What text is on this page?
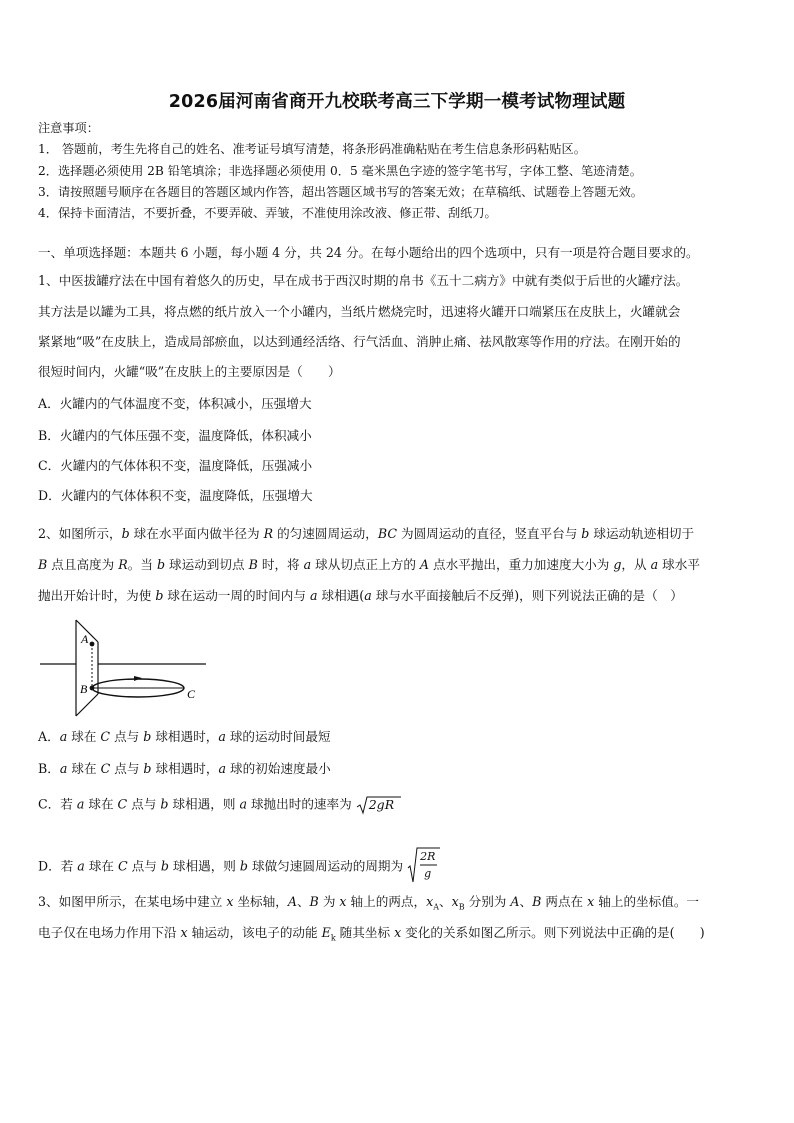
2026届河南省商开九校联考高三下学期一模考试物理试题
注意事项：
1． 答题前，考生先将自己的姓名、准考证号填写清楚，将条形码准确粘贴在考生信息条形码粘贴区。
2．选择题必须使用 2B 铅笔填涂；非选择题必须使用 0．5 毫米黑色字迹的签字笔书写，字体工整、笔迹清楚。
3．请按照题号顺序在各题目的答题区域内作答，超出答题区域书写的答案无效；在草稿纸、试题卷上答题无效。
4．保持卡面清洁，不要折叠，不要弄破、弄皱，不准使用涂改液、修正带、刮纸刀。
一、单项选择题：本题共 6 小题，每小题 4 分，共 24 分。在每小题给出的四个选项中，只有一项是符合题目要求的。
1、中医拔罐疗法在中国有着悠久的历史，早在成书于西汉时期的帛书《五十二病方》中就有类似于后世的火罐疗法。
其方法是以罐为工具，将点燃的纸片放入一个小罐内，当纸片燃烧完时，迅速将火罐开口端紧压在皮肤上，火罐就会
紧紧地“吸”在皮肤上，造成局部瘀血，以达到通经活络、行气活血、消肿止痛、祛风散寒等作用的疗法。在刚开始的
很短时间内，火罐“吸”在皮肤上的主要原因是（　　）
A．火罐内的气体温度不变，体积减小，压强增大
B．火罐内的气体压强不变，温度降低，体积减小
C．火罐内的气体体积不变，温度降低，压强减小
D．火罐内的气体体积不变，温度降低，压强增大
2、如图所示，b 球在水平面内做半径为 R 的匀速圆周运动，BC 为圆周运动的直径，竖直平台与 b 球运动轨迹相切于
B 点且高度为 R。当 b 球运动到切点 B 时，将 a 球从切点正上方的 A 点水平抛出，重力加速度大小为 g，从 a 球水平
抛出开始计时，为使 b 球在运动一周的时间内与 a 球相遇(a 球与水平面接触后不反弹)，则下列说法正确的是（　）
A
B	C
A．a 球在 C 点与 b 球相遇时，a 球的运动时间最短
B．a 球在 C 点与 b 球相遇时，a 球的初始速度最小
C．若 a 球在 C 点与 b 球相遇，则 a 球抛出时的速率为 2gR
D．若 a 球在 C 点与 b 球相遇，则 b 球做匀速圆周运动的周期为
2R
g
3、如图甲所示，在某电场中建立 x 坐标轴，A、B 为 x 轴上的两点，$x_A$、$x_B$ 分别为 A、B 两点在 x 轴上的坐标值。一
电子仅在电场力作用下沿 x 轴运动，该电子的动能 $E_k$ 随其坐标 x 变化的关系如图乙所示。则下列说法中正确的是(　　)
